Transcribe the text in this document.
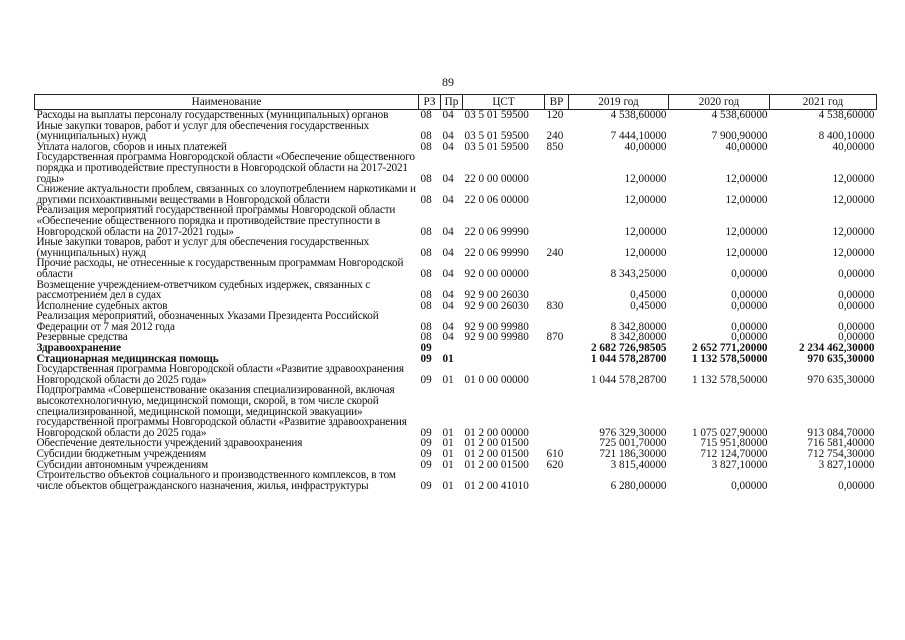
89
Наименование	РЗ	Пр	ЦСТ	ВР	2019 год	2020 год	2021 год
Расходы на выплаты персоналу государственных (муниципальных) органов	08	04	03 5 01 59500	120	4 538,60000	4 538,60000	4 538,60000
Иные закупки товаров, работ и услуг для обеспечения государственных (муниципальных) нужд	08	04	03 5 01 59500	240	7 444,10000	7 900,90000	8 400,10000
Уплата налогов, сборов и иных платежей	08	04	03 5 01 59500	850	40,00000	40,00000	40,00000
Государственная программа Новгородской области «Обеспечение общественного порядка и противодействие преступности в Новгородской области на 2017-2021 годы»	08	04	22 0 00 00000		12,00000	12,00000	12,00000
Снижение актуальности проблем, связанных со злоупотреблением наркотиками и другими психоактивными веществами в Новгородской области	08	04	22 0 06 00000		12,00000	12,00000	12,00000
Реализация мероприятий государственной программы Новгородской области «Обеспечение общественного порядка и противодействие преступности в Новгородской области на 2017-2021 годы»	08	04	22 0 06 99990		12,00000	12,00000	12,00000
Иные закупки товаров, работ и услуг для обеспечения государственных (муниципальных) нужд	08	04	22 0 06 99990	240	12,00000	12,00000	12,00000
Прочие расходы, не отнесенные к государственным программам Новгородской области	08	04	92 0 00 00000		8 343,25000	0,00000	0,00000
Возмещение учреждением-ответчиком судебных издержек, связанных с рассмотрением дел в судах	08	04	92 9 00 26030		0,45000	0,00000	0,00000
Исполнение судебных актов	08	04	92 9 00 26030	830	0,45000	0,00000	0,00000
Реализация мероприятий, обозначенных Указами Президента Российской Федерации от 7 мая 2012 года	08	04	92 9 00 99980		8 342,80000	0,00000	0,00000
Резервные средства	08	04	92 9 00 99980	870	8 342,80000	0,00000	0,00000
Здравоохранение	09				2 682 726,98505	2 652 771,20000	2 234 462,30000
Стационарная медицинская помощь	09	01			1 044 578,28700	1 132 578,50000	970 635,30000
Государственная программа Новгородской области «Развитие здравоохранения Новгородской области до 2025 года»	09	01	01 0 00 00000		1 044 578,28700	1 132 578,50000	970 635,30000
Подпрограмма «Совершенствование оказания специализированной, включая высокотехнологичную, медицинской помощи, скорой, в том числе скорой специализированной, медицинской помощи, медицинской эвакуации» государственной программы Новгородской области «Развитие здравоохранения Новгородской области до 2025 года»	09	01	01 2 00 00000		976 329,30000	1 075 027,90000	913 084,70000
Обеспечение деятельности учреждений здравоохранения	09	01	01 2 00 01500		725 001,70000	715 951,80000	716 581,40000
Субсидии бюджетным учреждениям	09	01	01 2 00 01500	610	721 186,30000	712 124,70000	712 754,30000
Субсидии автономным учреждениям	09	01	01 2 00 01500	620	3 815,40000	3 827,10000	3 827,10000
Строительство объектов социального и производственного комплексов, в том числе объектов общегражданского назначения, жилья, инфраструктуры	09	01	01 2 00 41010		6 280,00000	0,00000	0,00000
